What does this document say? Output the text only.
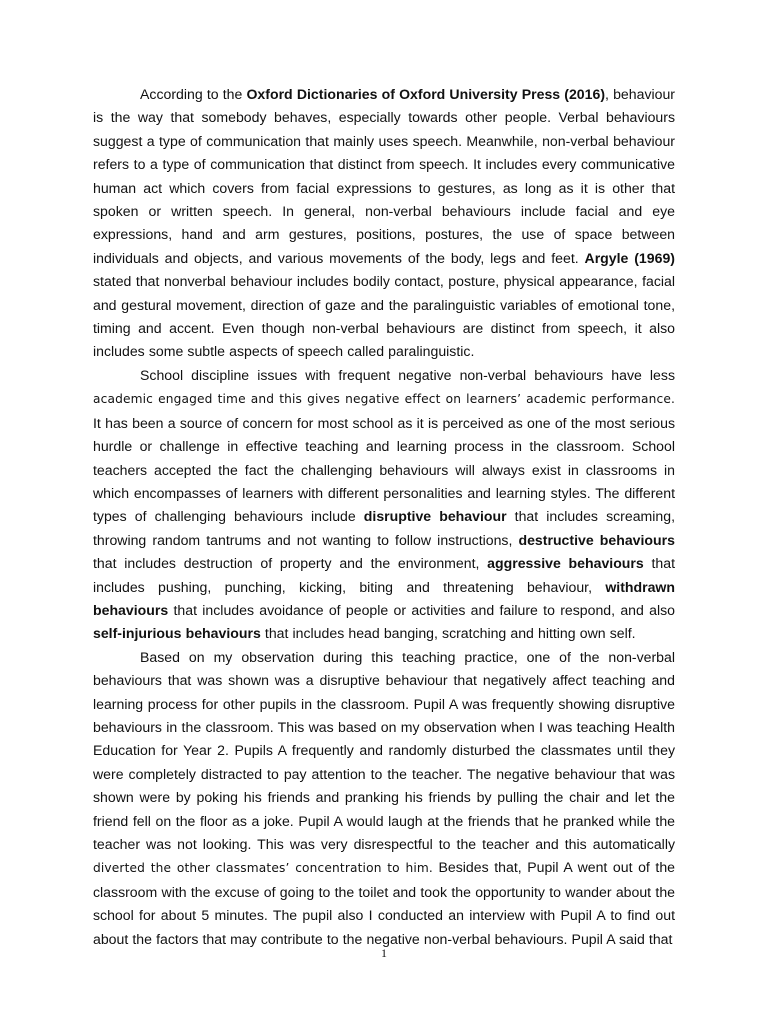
According to the Oxford Dictionaries of Oxford University Press (2016), behaviour is the way that somebody behaves, especially towards other people. Verbal behaviours suggest a type of communication that mainly uses speech. Meanwhile, non-verbal behaviour refers to a type of communication that distinct from speech. It includes every communicative human act which covers from facial expressions to gestures, as long as it is other that spoken or written speech. In general, non-verbal behaviours include facial and eye expressions, hand and arm gestures, positions, postures, the use of space between individuals and objects, and various movements of the body, legs and feet. Argyle (1969) stated that nonverbal behaviour includes bodily contact, posture, physical appearance, facial and gestural movement, direction of gaze and the paralinguistic variables of emotional tone, timing and accent. Even though non-verbal behaviours are distinct from speech, it also includes some subtle aspects of speech called paralinguistic.

School discipline issues with frequent negative non-verbal behaviours have less academic engaged time and this gives negative effect on learners’ academic performance. It has been a source of concern for most school as it is perceived as one of the most serious hurdle or challenge in effective teaching and learning process in the classroom. School teachers accepted the fact the challenging behaviours will always exist in classrooms in which encompasses of learners with different personalities and learning styles. The different types of challenging behaviours include disruptive behaviour that includes screaming, throwing random tantrums and not wanting to follow instructions, destructive behaviours that includes destruction of property and the environment, aggressive behaviours that includes pushing, punching, kicking, biting and threatening behaviour, withdrawn behaviours that includes avoidance of people or activities and failure to respond, and also self-injurious behaviours that includes head banging, scratching and hitting own self.

Based on my observation during this teaching practice, one of the non-verbal behaviours that was shown was a disruptive behaviour that negatively affect teaching and learning process for other pupils in the classroom. Pupil A was frequently showing disruptive behaviours in the classroom. This was based on my observation when I was teaching Health Education for Year 2. Pupils A frequently and randomly disturbed the classmates until they were completely distracted to pay attention to the teacher. The negative behaviour that was shown were by poking his friends and pranking his friends by pulling the chair and let the friend fell on the floor as a joke. Pupil A would laugh at the friends that he pranked while the teacher was not looking. This was very disrespectful to the teacher and this automatically diverted the other classmates’ concentration to him. Besides that, Pupil A went out of the classroom with the excuse of going to the toilet and took the opportunity to wander about the school for about 5 minutes. The pupil also I conducted an interview with Pupil A to find out about the factors that may contribute to the negative non-verbal behaviours. Pupil A said that

1
